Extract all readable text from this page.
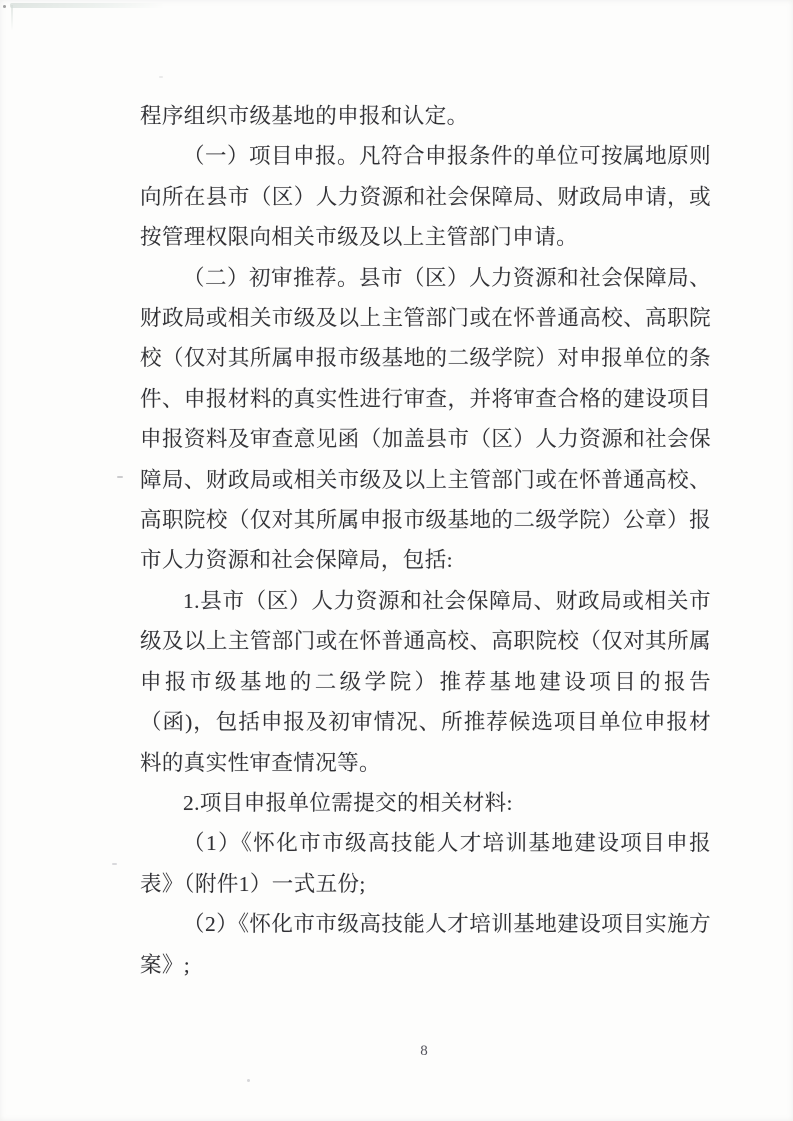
程序组织市级基地的申报和认定。

（一）项目申报。凡符合申报条件的单位可按属地原则向所在县市（区）人力资源和社会保障局、财政局申请，或按管理权限向相关市级及以上主管部门申请。

（二）初审推荐。县市（区）人力资源和社会保障局、财政局或相关市级及以上主管部门或在怀普通高校、高职院校（仅对其所属申报市级基地的二级学院）对申报单位的条件、申报材料的真实性进行审查，并将审查合格的建设项目申报资料及审查意见函（加盖县市（区）人力资源和社会保障局、财政局或相关市级及以上主管部门或在怀普通高校、高职院校（仅对其所属申报市级基地的二级学院）公章）报市人力资源和社会保障局，包括:

1.县市（区）人力资源和社会保障局、财政局或相关市级及以上主管部门或在怀普通高校、高职院校（仅对其所属申报市级基地的二级学院）推荐基地建设项目的报告（函)，包括申报及初审情况、所推荐候选项目单位申报材料的真实性审查情况等。

2.项目申报单位需提交的相关材料:

（1）《怀化市市级高技能人才培训基地建设项目申报表》（附件1）一式五份;

（2）《怀化市市级高技能人才培训基地建设项目实施方案》;

8
